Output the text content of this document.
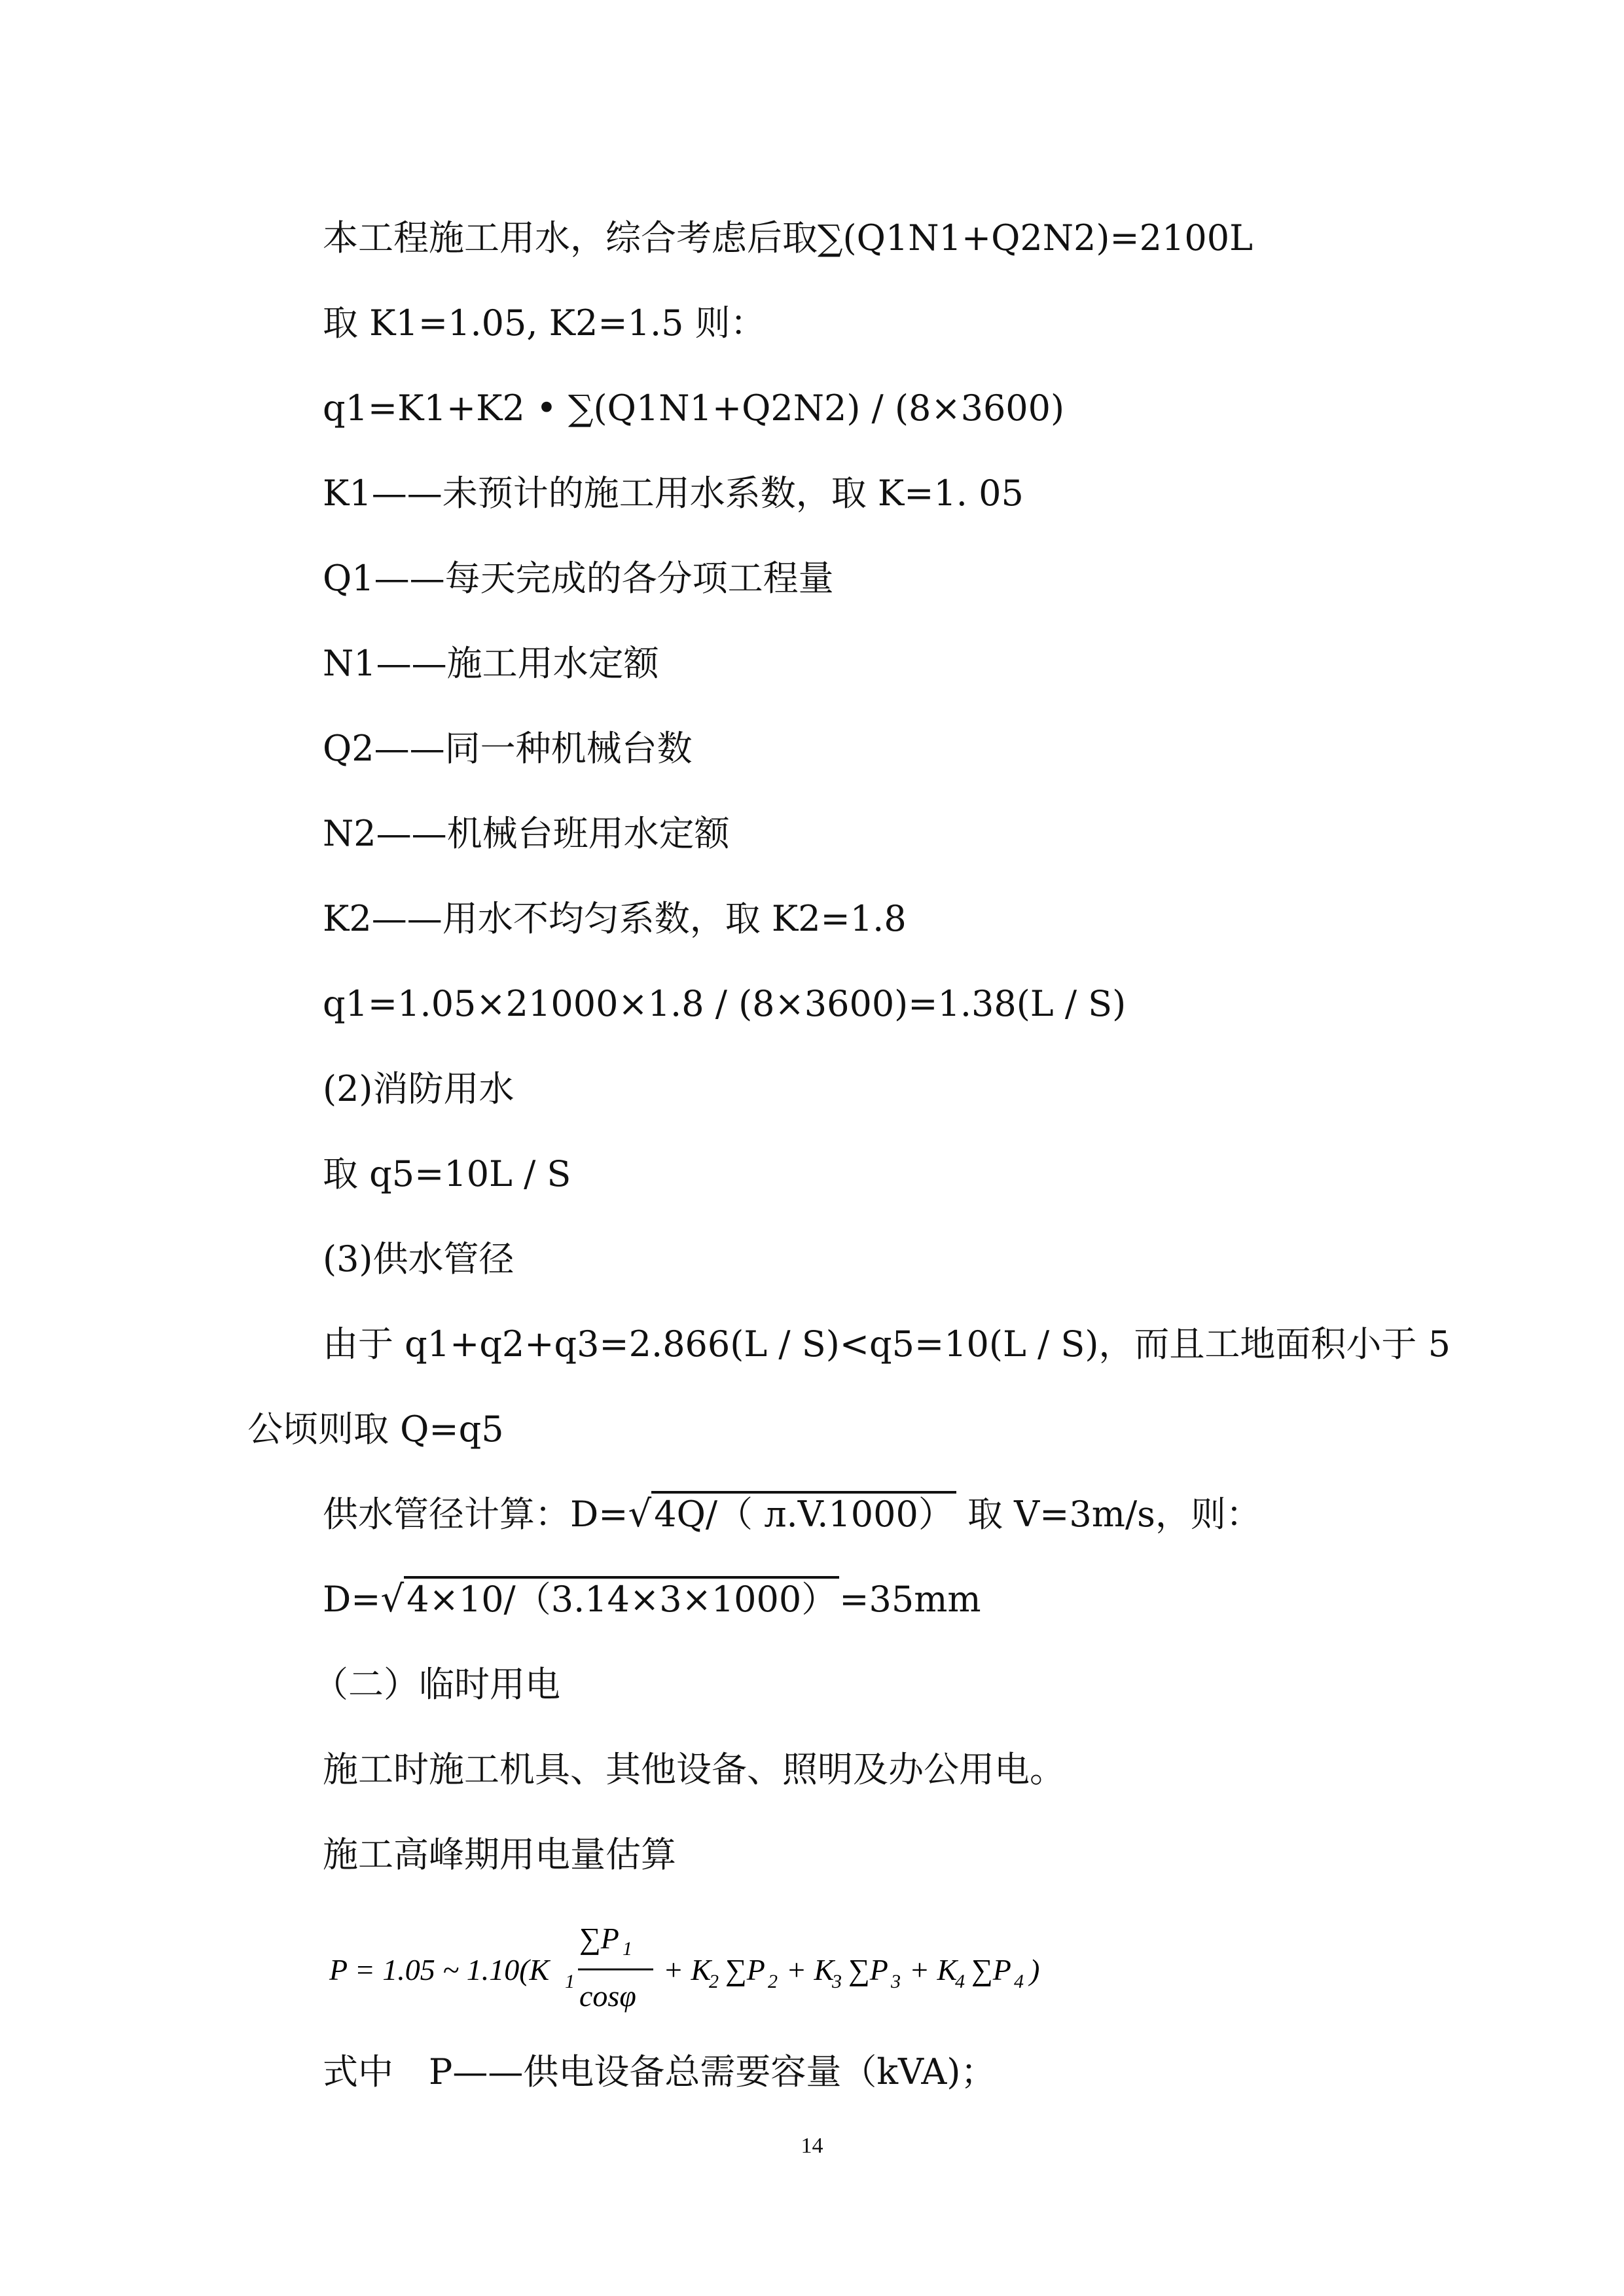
本工程施工用水，综合考虑后取∑(Q1N1+Q2N2)=2100L
取 K1=1.05, K2=1.5 则：
q1=K1+K2 • ∑(Q1N1+Q2N2) / (8×3600)
K1——未预计的施工用水系数，取 K=1. 05
Q1——每天完成的各分项工程量
N1——施工用水定额
Q2——同一种机械台数
N2——机械台班用水定额
K2——用水不均匀系数，取 K2=1.8
q1=1.05×21000×1.8 / (8×3600)=1.38(L / S)
(2)消防用水
取 q5=10L / S
(3)供水管径
由于 q1+q2+q3=2.866(L / S)<q5=10(L / S)，而且工地面积小于 5
公顷则取 Q=q5
供水管径计算：D=√4Q/（ л.V.1000） 取 V=3m/s，则：
D=√4×10/（3.14×3×1000）=35mm
（二）临时用电
施工时施工机具、其他设备、照明及办公用电。
施工高峰期用电量估算
P = 1.05 ~ 1.10(K 1
∑P 1
cosφ
+ K
2 ∑P 2 + K
3 ∑P 3 + K
4 ∑P 4 )
式中　P——供电设备总需要容量（kVA)；
14
